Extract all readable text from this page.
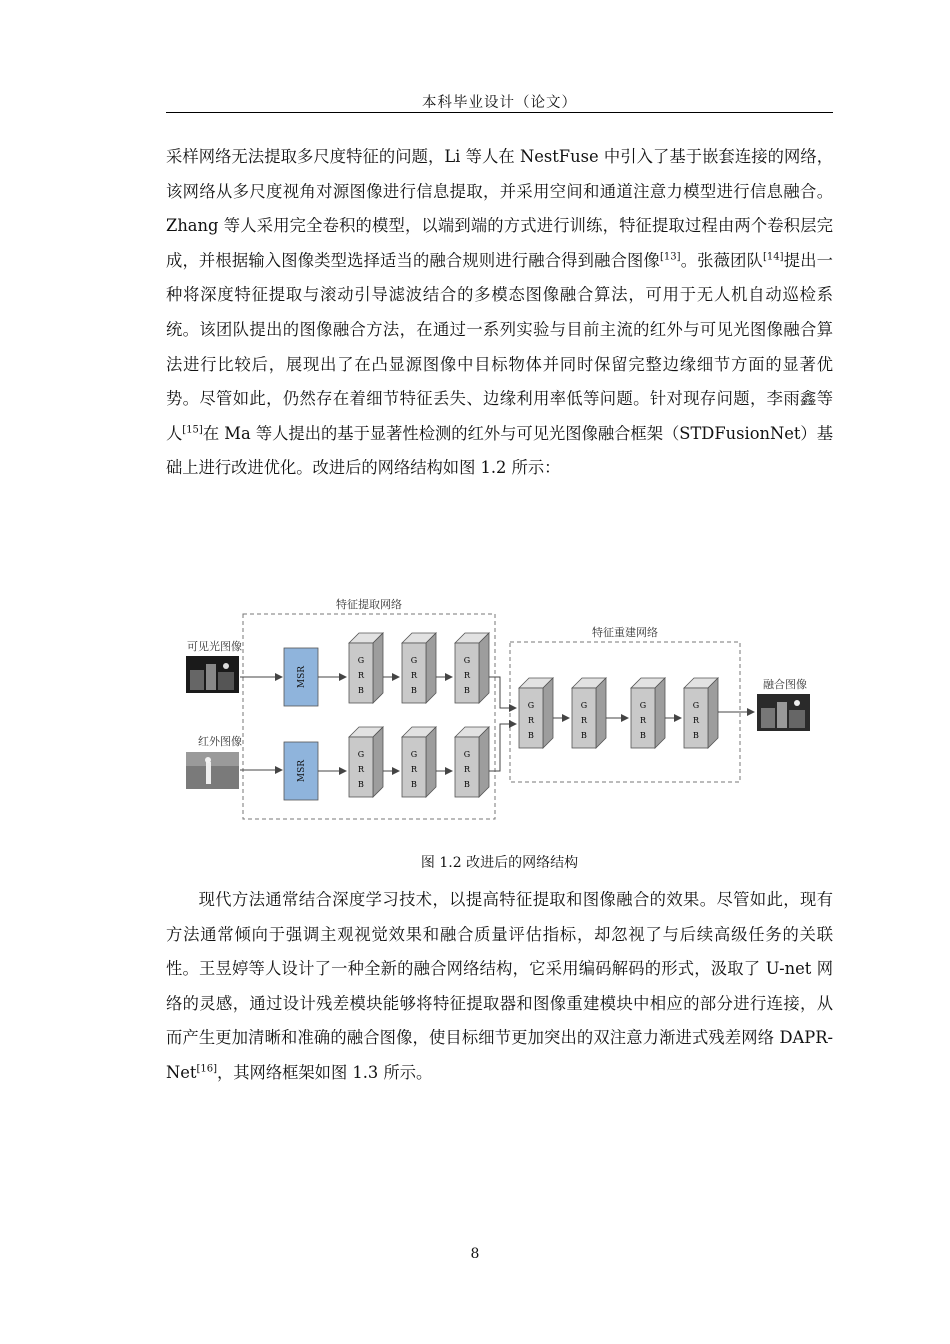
本科毕业设计（论文）

采样网络无法提取多尺度特征的问题，Li 等人在 NestFuse 中引入了基于嵌套连接的网络，该网络从多尺度视角对源图像进行信息提取，并采用空间和通道注意力模型进行信息融合。Zhang 等人采用完全卷积的模型，以端到端的方式进行训练，特征提取过程由两个卷积层完成，并根据输入图像类型选择适当的融合规则进行融合得到融合图像[13]。张薇团队[14]提出一种将深度特征提取与滚动引导滤波结合的多模态图像融合算法，可用于无人机自动巡检系统。该团队提出的图像融合方法，在通过一系列实验与目前主流的红外与可见光图像融合算法进行比较后，展现出了在凸显源图像中目标物体并同时保留完整边缘细节方面的显著优势。尽管如此，仍然存在着细节特征丢失、边缘利用率低等问题。针对现存问题，李雨鑫等人[15]在 Ma 等人提出的基于显著性检测的红外与可见光图像融合框架（STDFusionNet）基础上进行改进优化。改进后的网络结构如图 1.2 所示：

特征提取网络
特征重建网络
可见光图像
红外图像
MSR
MSR
G
R
B
G
R
B
G
R
B
G
R
B
G
R
B
G
R
B
G
R
B
G
R
B
G
R
B
G
R
B
融合图像
图 1.2 改进后的网络结构

现代方法通常结合深度学习技术，以提高特征提取和图像融合的效果。尽管如此，现有方法通常倾向于强调主观视觉效果和融合质量评估指标，却忽视了与后续高级任务的关联性。王昱婷等人设计了一种全新的融合网络结构，它采用编码解码的形式，汲取了 U-net 网络的灵感，通过设计残差模块能够将特征提取器和图像重建模块中相应的部分进行连接，从而产生更加清晰和准确的融合图像，使目标细节更加突出的双注意力渐进式残差网络 DAPR-Net[16]，其网络框架如图 1.3 所示。

8
